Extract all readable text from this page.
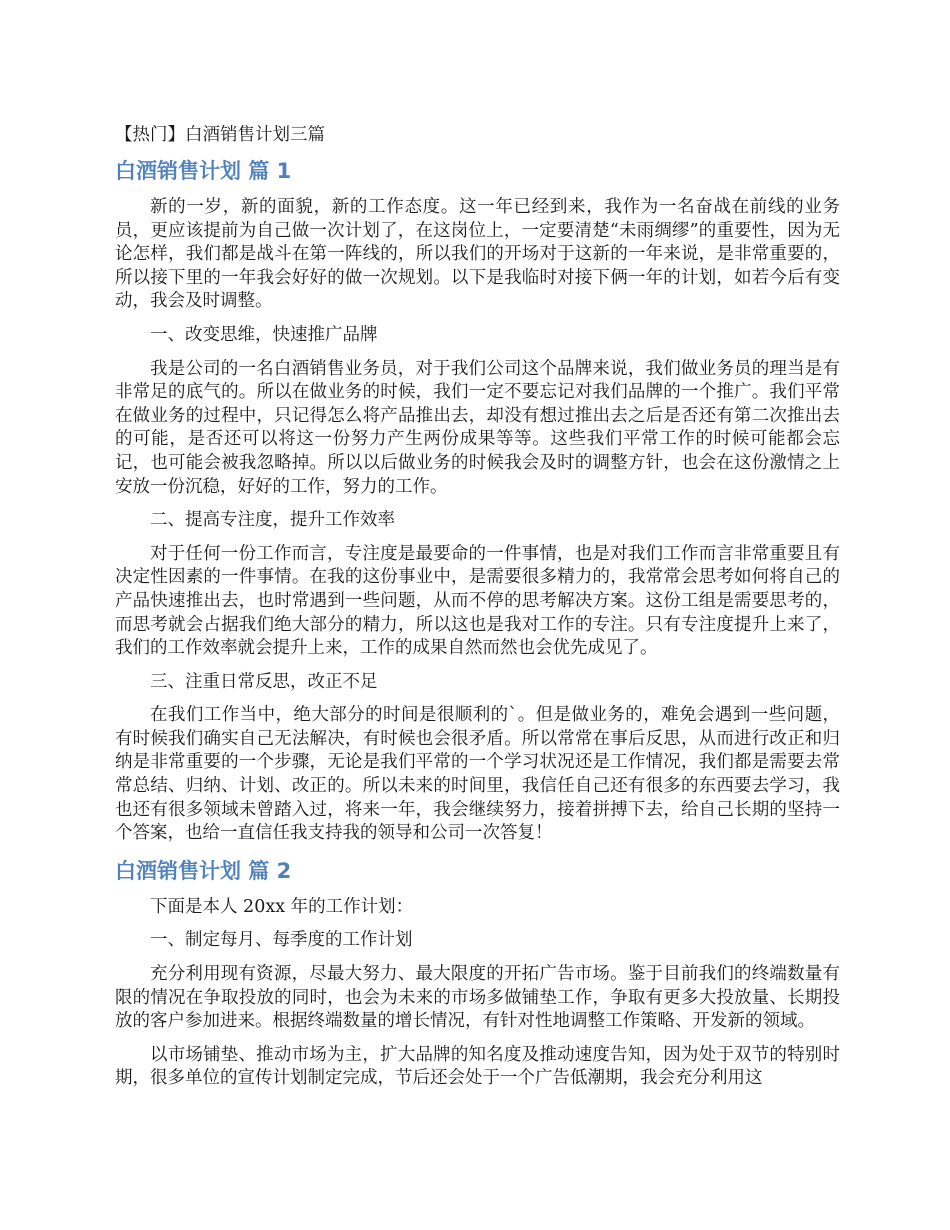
【热门】白酒销售计划三篇
白酒销售计划 篇 1

新的一岁，新的面貌，新的工作态度。这一年已经到来，我作为一名奋战在前线的业务员，更应该提前为自己做一次计划了，在这岗位上，一定要清楚“未雨绸缪”的重要性，因为无论怎样，我们都是战斗在第一阵线的，所以我们的开场对于这新的一年来说，是非常重要的，所以接下里的一年我会好好的做一次规划。以下是我临时对接下俩一年的计划，如若今后有变动，我会及时调整。

一、改变思维，快速推广品牌

我是公司的一名白酒销售业务员，对于我们公司这个品牌来说，我们做业务员的理当是有非常足的底气的。所以在做业务的时候，我们一定不要忘记对我们品牌的一个推广。我们平常在做业务的过程中，只记得怎么将产品推出去，却没有想过推出去之后是否还有第二次推出去的可能，是否还可以将这一份努力产生两份成果等等。这些我们平常工作的时候可能都会忘记，也可能会被我忽略掉。所以以后做业务的时候我会及时的调整方针，也会在这份激情之上安放一份沉稳，好好的工作，努力的工作。

二、提高专注度，提升工作效率

对于任何一份工作而言，专注度是最要命的一件事情，也是对我们工作而言非常重要且有决定性因素的一件事情。在我的这份事业中，是需要很多精力的，我常常会思考如何将自己的产品快速推出去，也时常遇到一些问题，从而不停的思考解决方案。这份工组是需要思考的，而思考就会占据我们绝大部分的精力，所以这也是我对工作的专注。只有专注度提升上来了，我们的工作效率就会提升上来，工作的成果自然而然也会优先成见了。

三、注重日常反思，改正不足

在我们工作当中，绝大部分的时间是很顺利的`。但是做业务的，难免会遇到一些问题，有时候我们确实自己无法解决，有时候也会很矛盾。所以常常在事后反思，从而进行改正和归纳是非常重要的一个步骤，无论是我们平常的一个学习状况还是工作情况，我们都是需要去常常总结、归纳、计划、改正的。所以未来的时间里，我信任自己还有很多的东西要去学习，我也还有很多领域未曾踏入过，将来一年，我会继续努力，接着拼搏下去，给自己长期的坚持一个答案，也给一直信任我支持我的领导和公司一次答复！

白酒销售计划 篇 2

下面是本人 20xx 年的工作计划：

一、制定每月、每季度的工作计划

充分利用现有资源，尽最大努力、最大限度的开拓广告市场。鉴于目前我们的终端数量有限的情况在争取投放的同时，也会为未来的市场多做铺垫工作，争取有更多大投放量、长期投放的客户参加进来。根据终端数量的增长情况，有针对性地调整工作策略、开发新的领域。

以市场铺垫、推动市场为主，扩大品牌的知名度及推动速度告知，因为处于双节的特别时期，很多单位的宣传计划制定完成，节后还会处于一个广告低潮期，我会充分利用这
